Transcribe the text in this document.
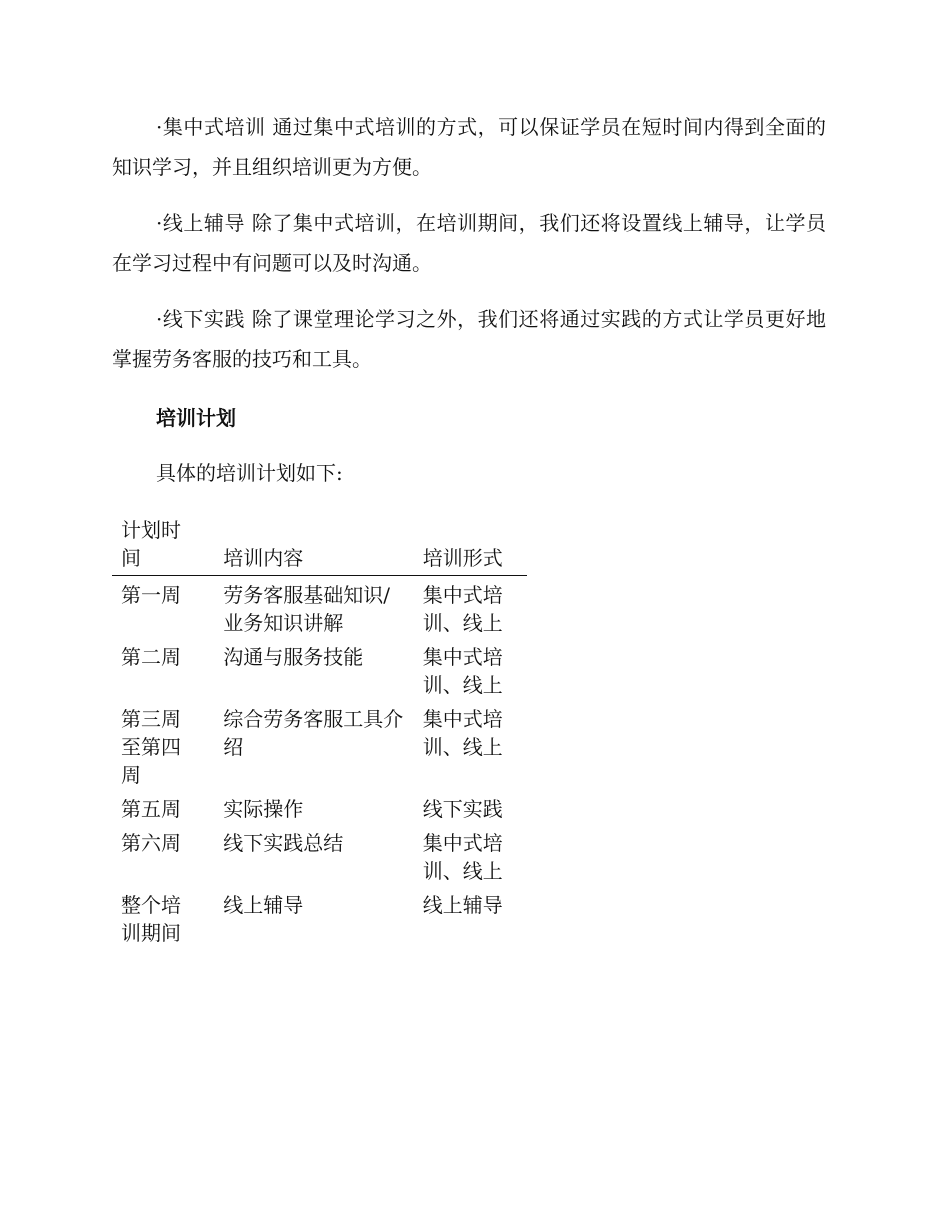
·集中式培训 通过集中式培训的方式，可以保证学员在短时间内得到全面的知识学习，并且组织培训更为方便。

·线上辅导 除了集中式培训，在培训期间，我们还将设置线上辅导，让学员在学习过程中有问题可以及时沟通。

·线下实践 除了课堂理论学习之外，我们还将通过实践的方式让学员更好地掌握劳务客服的技巧和工具。

培训计划

具体的培训计划如下:

计划时间	培训内容	培训形式

第一周	劳务客服基础知识/业务知识讲解	集中式培训、线上

第二周	沟通与服务技能	集中式培训、线上

第三周至第四周	综合劳务客服工具介绍	集中式培训、线上

第五周	实际操作	线下实践

第六周	线下实践总结	集中式培训、线上

整个培训期间	线上辅导	线上辅导
